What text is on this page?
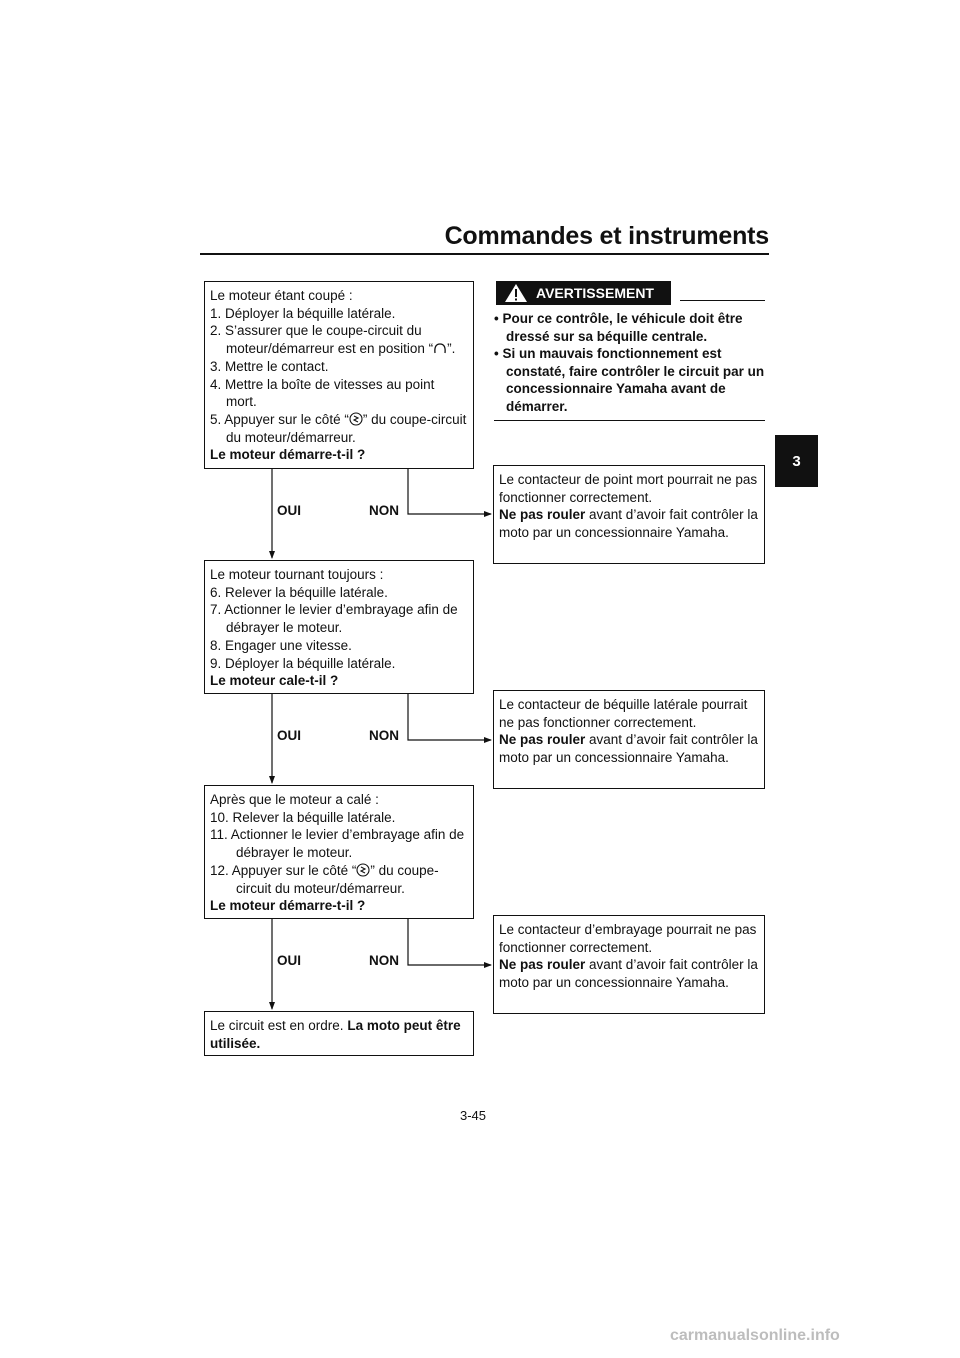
Commandes et instruments
3

Le moteur étant coupé :

1. Déployer la béquille latérale.

2. S’assurer que le coupe-circuit du moteur/démarreur est en position “ ”.

3. Mettre le contact.

4. Mettre la boîte de vitesses au point mort.

5. Appuyer sur le côté “ ” du coupe-circuit du moteur/démarreur.

Le moteur démarre-t-il ?

OUI	NON

Le moteur tournant toujours :

6. Relever la béquille latérale.

7. Actionner le levier d’embrayage afin de débrayer le moteur.

8. Engager une vitesse.

9. Déployer la béquille latérale.

Le moteur cale-t-il ?

OUI	NON

Après que le moteur a calé :

10. Relever la béquille latérale.

11. Actionner le levier d’embrayage afin de débrayer le moteur.

12. Appuyer sur le côté “ ” du coupe-circuit du moteur/démarreur.

Le moteur démarre-t-il ?

OUI	NON

Le circuit est en ordre. La moto peut être utilisée.

AVERTISSEMENT

• Pour ce contrôle, le véhicule doit être dressé sur sa béquille centrale.

• Si un mauvais fonctionnement est constaté, faire contrôler le circuit par un concessionnaire Yamaha avant de démarrer.

Le contacteur de point mort pourrait ne pas fonctionner correctement.

Ne pas rouler avant d’avoir fait contrôler la moto par un concessionnaire Yamaha.

Le contacteur de béquille latérale pourrait ne pas fonctionner correctement.

Ne pas rouler avant d’avoir fait contrôler la moto par un concessionnaire Yamaha.

Le contacteur d’embrayage pourrait ne pas fonctionner correctement.

Ne pas rouler avant d’avoir fait contrôler la moto par un concessionnaire Yamaha.

3-45
carmanualsonline.info
